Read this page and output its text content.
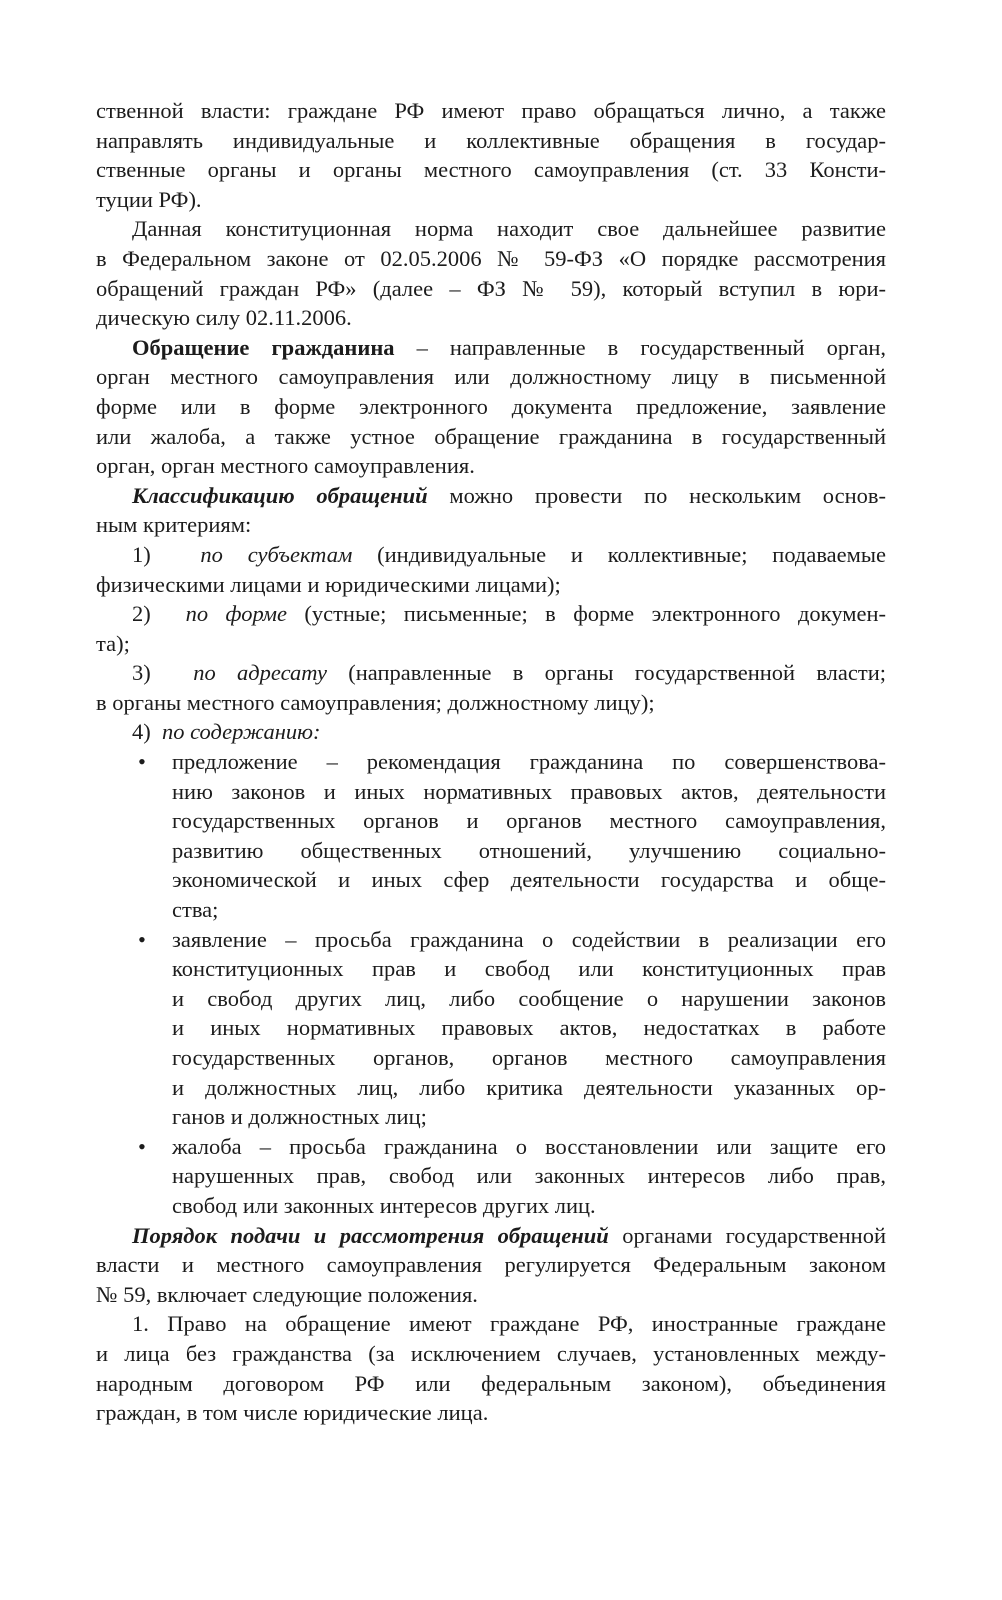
ственной власти: граждане РФ имеют право обращаться лично, а также
направлять индивидуальные и коллективные обращения в государ-
ственные органы и органы местного самоуправления (ст. 33 Консти-
туции РФ).

Данная конституционная норма находит свое дальнейшее развитие
в Федеральном законе от 02.05.2006 № 59-ФЗ «О порядке рассмотрения
обращений граждан РФ» (далее – ФЗ № 59), который вступил в юри-
дическую силу 02.11.2006.

Обращение гражданина – направленные в государственный орган,
орган местного самоуправления или должностному лицу в письменной
форме или в форме электронного документа предложение, заявление
или жалоба, а также устное обращение гражданина в государственный
орган, орган местного самоуправления.

Классификацию обращений можно провести по нескольким основ-
ным критериям:

1) по субъектам (индивидуальные и коллективные; подаваемые
физическими лицами и юридическими лицами);

2) по форме (устные; письменные; в форме электронного докумен-
та);

3) по адресату (направленные в органы государственной власти;
в органы местного самоуправления; должностному лицу);

4) по содержанию:

• предложение – рекомендация гражданина по совершенствова-
нию законов и иных нормативных правовых актов, деятельности
государственных органов и органов местного самоуправления,
развитию общественных отношений, улучшению социально-
экономической и иных сфер деятельности государства и обще-
ства;
• заявление – просьба гражданина о содействии в реализации его
конституционных прав и свобод или конституционных прав
и свобод других лиц, либо сообщение о нарушении законов
и иных нормативных правовых актов, недостатках в работе
государственных органов, органов местного самоуправления
и должностных лиц, либо критика деятельности указанных ор-
ганов и должностных лиц;
• жалоба – просьба гражданина о восстановлении или защите его
нарушенных прав, свобод или законных интересов либо прав,
свобод или законных интересов других лиц.

Порядок подачи и рассмотрения обращений органами государственной
власти и местного самоуправления регулируется Федеральным законом
№ 59, включает следующие положения.

1. Право на обращение имеют граждане РФ, иностранные граждане
и лица без гражданства (за исключением случаев, установленных между-
народным договором РФ или федеральным законом), объединения
граждан, в том числе юридические лица.
